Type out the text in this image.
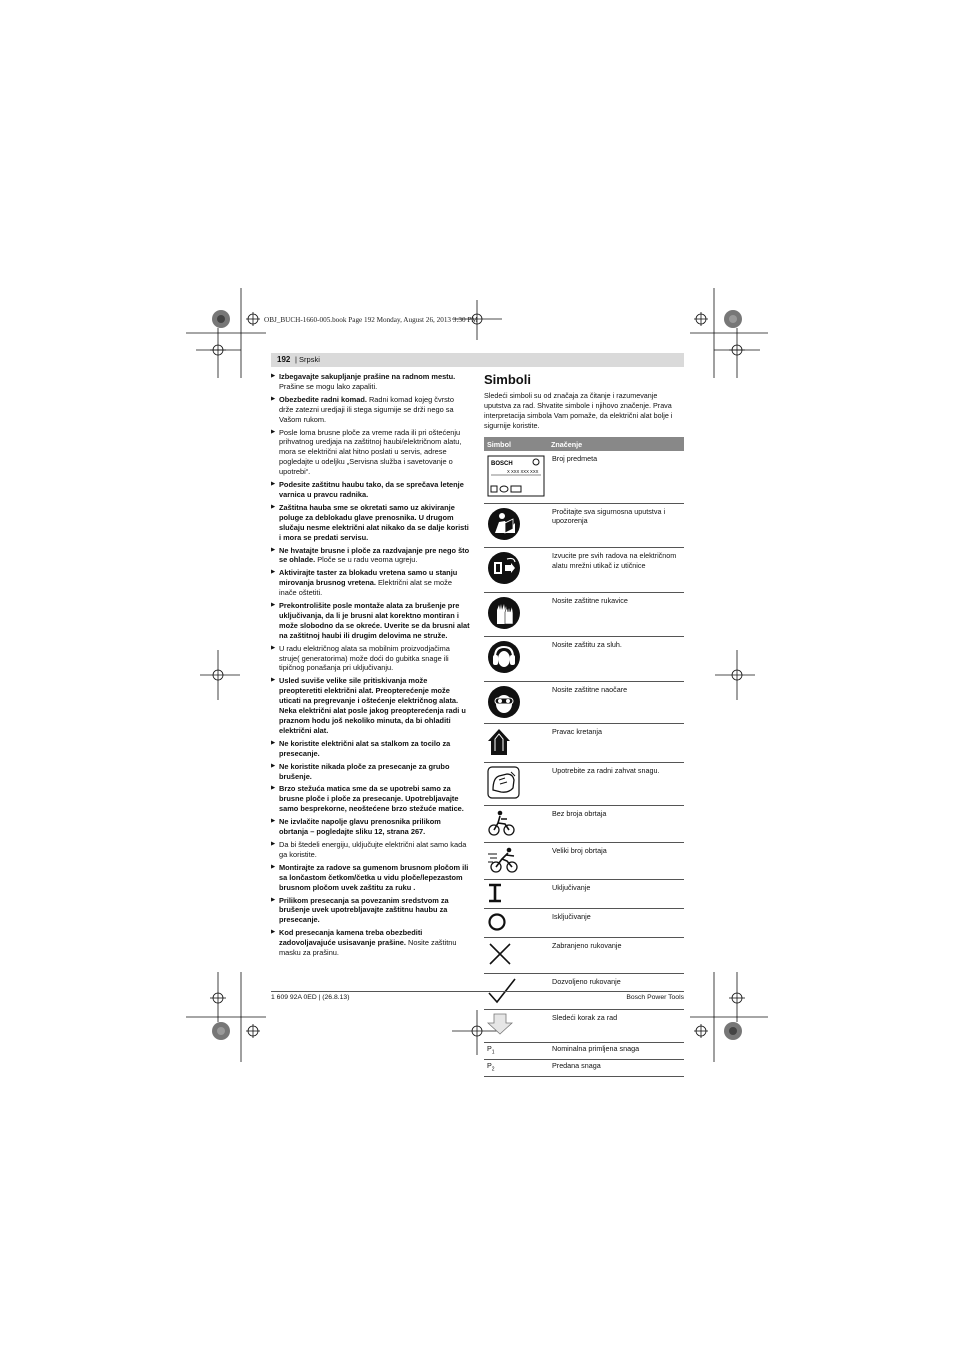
OBJ_BUCH-1660-005.book Page 192 Monday, August 26, 2013 3:30 PM
192 | Srpski
▶ Izbegavajte sakupljanje prašine na radnom mestu. Prašine se mogu lako zapaliti.
▶ Obezbedite radni komad. Radni komad kojeg čvrsto drže zatezni uredjaji ili stega sigurnije se drži nego sa Vašom rukom.
▶ Posle loma brusne ploče za vreme rada ili pri oštećenju prihvatnog uredjaja na zaštitnoj haubi/električnom alatu, mora se električni alat hitno poslati u servis, adrese pogledajte u odeljku „Servisna služba i savetovanje o upotrebi“.
▶ Podesite zaštitnu haubu tako, da se sprečava letenje varnica u pravcu radnika.
▶ Zaštitna hauba sme se okretati samo uz akiviranje poluge za deblokadu glave prenosnika. U drugom slučaju nesme električni alat nikako da se dalje koristi i mora se predati servisu.
▶ Ne hvatajte brusne i ploče za razdvajanje pre nego što se ohlade. Ploče se u radu veoma ugreju.
▶ Aktivirajte taster za blokadu vretena samo u stanju mirovanja brusnog vretena. Električni alat se može inače oštetiti.
▶ Prekontrolišite posle montaže alata za brušenje pre uključivanja, da li je brusni alat korektno montiran i može slobodno da se okreće. Uverite se da brusni alat na zaštitnoj haubi ili drugim delovima ne struže.
▶ U radu električnog alata sa mobilnim proizvodjačima struje( generatorima) može doći do gubitka snage ili tipičnog ponašanja pri uključivanju.
▶ Usled suviše velike sile pritiskivanja može preopteretiti električni alat. Preopterećenje može uticati na pregrevanje i oštećenje električnog alata. Neka električni alat posle jakog preopterećenja radi u praznom hodu još nekoliko minuta, da bi ohladiti električni alat.
▶ Ne koristite električni alat sa stalkom za tocilo za presecanje.
▶ Ne koristite nikada ploče za presecanje za grubo brušenje.
▶ Brzo stežuća matica sme da se upotrebi samo za brusne ploče i ploče za presecanje. Upotrebljavajte samo besprekorne, neoštećene brzo stežuće matice.
▶ Ne izvlačite napolje glavu prenosnika prilikom obrtanja – pogledajte sliku 12, strana 267.
▶ Da bi štedeli energiju, uključujte električni alat samo kada ga koristite.
▶ Montirajte za radove sa gumenom brusnom pločom ili sa lončastom četkom/četka u vidu ploče/lepezastom brusnom pločom uvek zaštitu za ruku .
▶ Prilikom presecanja sa povezanim sredstvom za brušenje uvek upotrebljavajte zaštitnu haubu za presecanje.
▶ Kod presecanja kamena treba obezbediti zadovoljavajuće usisavanje prašine. Nosite zaštitnu masku za prašinu.
Simboli

Sledeći simboli su od značaja za čitanje i razumevanje uputstva za rad. Shvatite simbole i njihovo značenje. Prava interpretacija simbola Vam pomaže, da električni alat bolje i sigurnije koristite.

Simbol	Značenje

BOSCH
X XXX XXX XXX	Broj predmeta
	Pročitajte sva sigurnosna uputstva i upozorenja
	Izvucite pre svih radova na električnom alatu mrežni utikač iz utičnice
	Nosite zaštitne rukavice
	Nosite zaštitu za sluh.
	Nosite zaštitne naočare
	Pravac kretanja
	Upotrebite za radni zahvat snagu.
	Bez broja obrtaja
	Veliki broj obrtaja
	Uključivanje
	Isključivanje
	Zabranjeno rukovanje
	Dozvoljeno rukovanje
	Sledeći korak za rad
$P_1$	Nominalna primljena snaga
$P_2$	Predana snaga
1 609 92A 0ED | (26.8.13)	Bosch Power Tools
